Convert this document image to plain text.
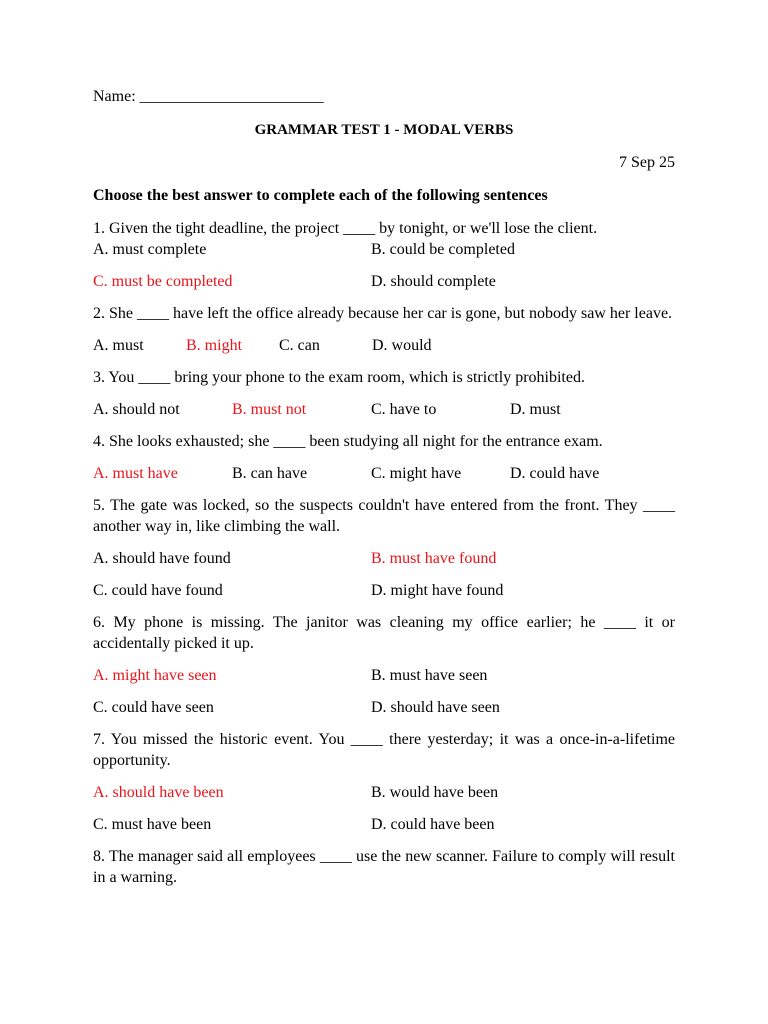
Name: _______________________

GRAMMAR TEST 1 - MODAL VERBS

7 Sep 25

Choose the best answer to complete each of the following sentences

1. Given the tight deadline, the project ____ by tonight, or we'll lose the client.

A. must complete	B. could be completed
C. must be completed	D. should complete

2. She ____ have left the office already because her car is gone, but nobody saw her leave.

A. must	B. might	C. can	D. would

3. You ____ bring your phone to the exam room, which is strictly prohibited.

A. should not	B. must not	C. have to	D. must

4. She looks exhausted; she ____ been studying all night for the entrance exam.

A. must have	B. can have	C. might have	D. could have

5. The gate was locked, so the suspects couldn't have entered from the front. They ____ another way in, like climbing the wall.

A. should have found	B. must have found
C. could have found	D. might have found

6. My phone is missing. The janitor was cleaning my office earlier; he ____ it or accidentally picked it up.

A. might have seen	B. must have seen
C. could have seen	D. should have seen

7. You missed the historic event. You ____ there yesterday; it was a once-in-a-lifetime opportunity.

A. should have been	B. would have been
C. must have been	D. could have been

8. The manager said all employees ____ use the new scanner. Failure to comply will result in a warning.
